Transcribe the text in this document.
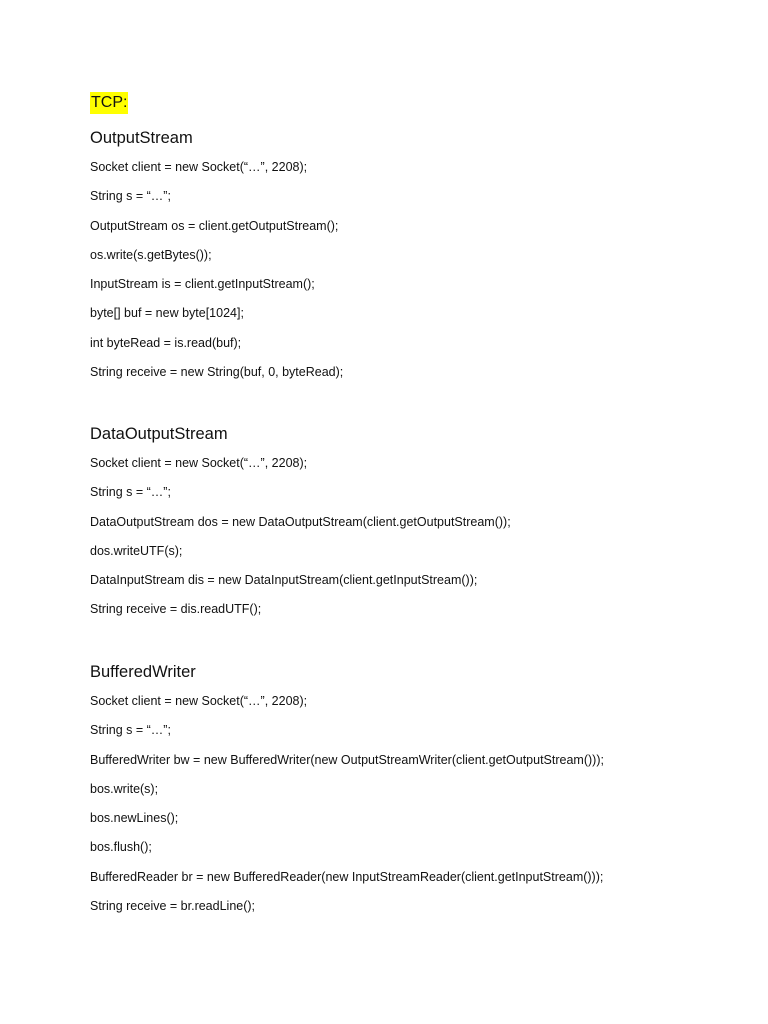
TCP:

OutputStream

Socket client = new Socket(“…”, 2208);

String s = “…”;

OutputStream os = client.getOutputStream();

os.write(s.getBytes());

InputStream is = client.getInputStream();

byte[] buf = new byte[1024];

int byteRead = is.read(buf);

String receive = new String(buf, 0, byteRead);

DataOutputStream

Socket client = new Socket(“…”, 2208);

String s = “…”;

DataOutputStream dos = new DataOutputStream(client.getOutputStream());

dos.writeUTF(s);

DataInputStream dis = new DataInputStream(client.getInputStream());

String receive = dis.readUTF();

BufferedWriter

Socket client = new Socket(“…”, 2208);

String s = “…”;

BufferedWriter bw = new BufferedWriter(new OutputStreamWriter(client.getOutputStream()));

bos.write(s);

bos.newLines();

bos.flush();

BufferedReader br = new BufferedReader(new InputStreamReader(client.getInputStream()));

String receive = br.readLine();
